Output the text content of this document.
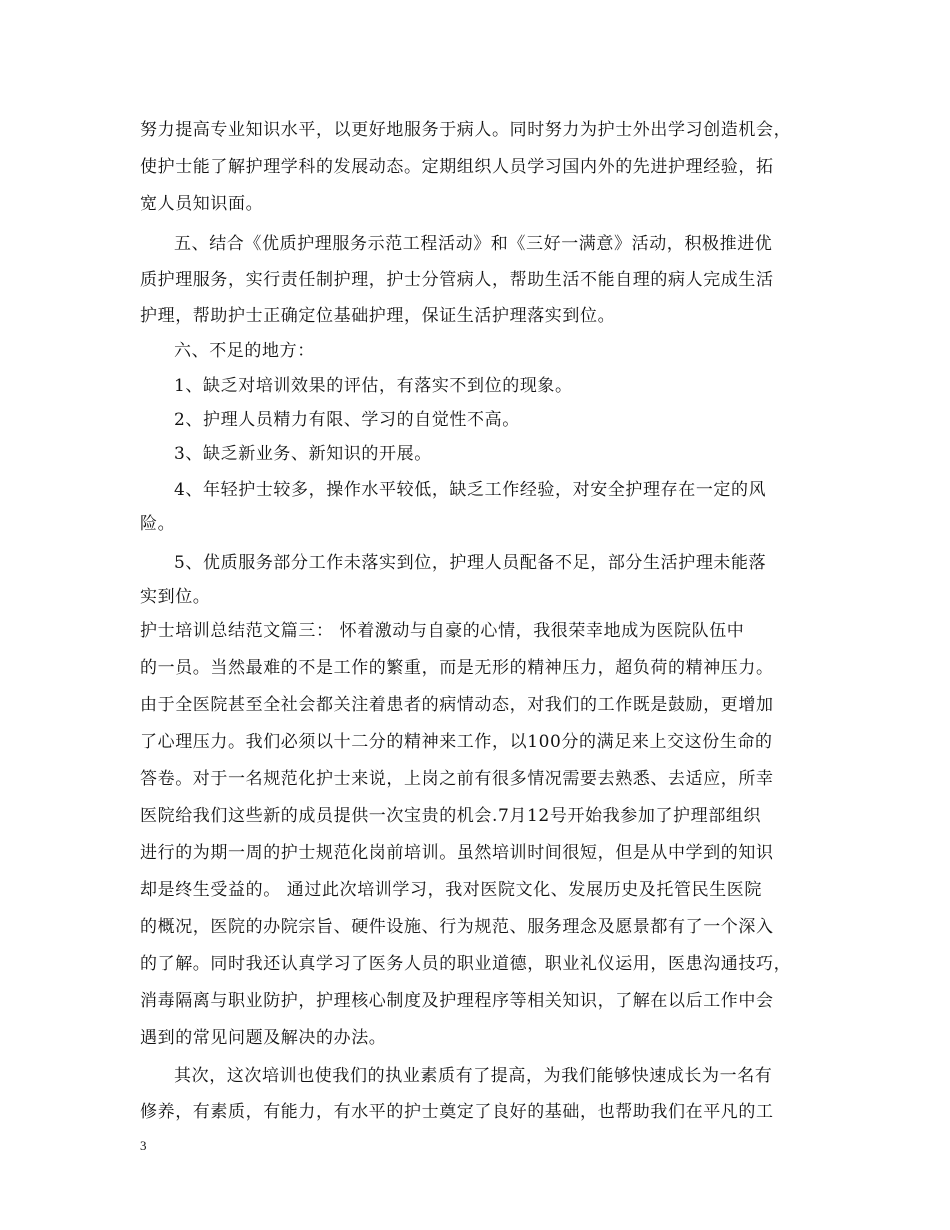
努力提高专业知识水平，以更好地服务于病人。同时努力为护士外出学习创造机会，
使护士能了解护理学科的发展动态。定期组织人员学习国内外的先进护理经验，拓
宽人员知识面。
五、结合《优质护理服务示范工程活动》和《三好一满意》活动，积极推进优
质护理服务，实行责任制护理，护士分管病人，帮助生活不能自理的病人完成生活
护理，帮助护士正确定位基础护理，保证生活护理落实到位。
六、不足的地方：
1、缺乏对培训效果的评估，有落实不到位的现象。
2、护理人员精力有限、学习的自觉性不高。
3、缺乏新业务、新知识的开展。
4、年轻护士较多，操作水平较低，缺乏工作经验，对安全护理存在一定的风
险。
5、优质服务部分工作未落实到位，护理人员配备不足，部分生活护理未能落
实到位。
护士培训总结范文篇三： 怀着激动与自豪的心情，我很荣幸地成为医院队伍中
的一员。当然最难的不是工作的繁重，而是无形的精神压力，超负荷的精神压力。
由于全医院甚至全社会都关注着患者的病情动态，对我们的工作既是鼓励，更增加
了心理压力。我们必须以十二分的精神来工作，以100分的满足来上交这份生命的
答卷。对于一名规范化护士来说，上岗之前有很多情况需要去熟悉、去适应，所幸
医院给我们这些新的成员提供一次宝贵的机会.7月12号开始我参加了护理部组织
进行的为期一周的护士规范化岗前培训。虽然培训时间很短，但是从中学到的知识
却是终生受益的。 通过此次培训学习，我对医院文化、发展历史及托管民生医院
的概况，医院的办院宗旨、硬件设施、行为规范、服务理念及愿景都有了一个深入
的了解。同时我还认真学习了医务人员的职业道德，职业礼仪运用，医患沟通技巧，
消毒隔离与职业防护，护理核心制度及护理程序等相关知识，了解在以后工作中会
遇到的常见问题及解决的办法。
其次，这次培训也使我们的执业素质有了提高，为我们能够快速成长为一名有
修养，有素质，有能力，有水平的护士奠定了良好的基础，也帮助我们在平凡的工
3
